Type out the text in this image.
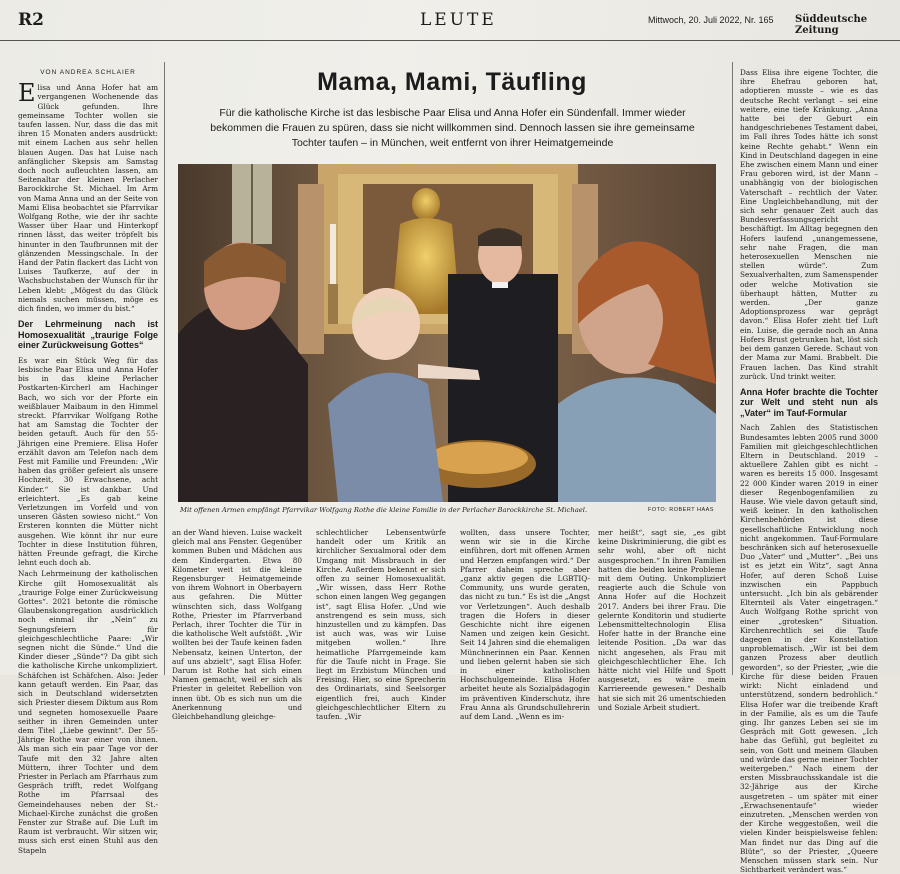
R2	LEUTE	Mittwoch, 20. Juli 2022, Nr. 165 Süddeutsche Zeitung
VON ANDREA SCHLAIER

Elisa und Anna Hofer hat am vergangenen Wochenende das Glück gefunden. Ihre gemeinsame Tochter wollen sie taufen lassen. Nur, dass die das mit ihren 15 Monaten anders ausdrückt: mit einem Lachen aus sehr hellen blauen Augen. Das hat Luise nach anfänglicher Skepsis am Samstag doch noch aufleuchten lassen, am Seitenaltar der kleinen Perlacher Barockkirche St. Michael. Im Arm von Mama Anna und an der Seite von Mami Elisa beobachtet sie Pfarrvikar Wolfgang Rothe, wie der ihr sachte Wasser über Haar und Hinterkopf rinnen lässt, das weiter tröpfelt bis hinunter in den Taufbrunnen mit der glänzenden Messingschale. In der Hand der Patin flackert das Licht von Luises Taufkerze, auf der in Wachsbuchstaben der Wunsch für ihr Leben klebt: „Mögest du das Glück niemals suchen müssen, möge es dich finden, wo immer du bist.“

Der Lehrmeinung nach ist Homosexualität „traurige Folge einer Zurückweisung Gottes“

Es war ein Stück Weg für das lesbische Paar Elisa und Anna Hofer bis in das kleine Perlacher Postkarten-Kircherl am Hachinger Bach, wo sich vor der Pforte ein weißblauer Maibaum in den Himmel streckt. Pfarrvikar Wolfgang Rothe hat am Samstag die Tochter der beiden getauft. Auch für den 55-Jährigen eine Premiere. Elisa Hofer erzählt davon am Telefon nach dem Fest mit Familie und Freunden: „Wir haben das größer gefeiert als unsere Hochzeit, 30 Erwachsene, acht Kinder.“ Sie ist dankbar. Und erleichtert. „Es gab keine Verletzungen im Vorfeld und von unseren Gästen sowieso nicht.“ Von Ersteren konnten die Mütter nicht ausgehen. Wie könnt ihr nur eure Tochter in diese Institution führen, hätten Freunde gefragt, die Kirche lehnt euch doch ab.

Nach Lehrmeinung der katholischen Kirche gilt Homosexualität als „traurige Folge einer Zurückweisung Gottes“. 2021 betonte die römische Glaubenskongregation ausdrücklich noch einmal ihr „Nein“ zu Segnungsfeiern für gleichgeschlechtliche Paare: „Wir segnen nicht die Sünde.“ Und die Kinder dieser „Sünde“? Da gibt sich die katholische Kirche unkompliziert. Schäfchen ist Schäfchen. Also: Jeder kann getauft werden. Ein Paar, das sich in Deutschland widersetzten sich Priester diesem Diktum aus Rom und segneten homosexuelle Paare seither in ihren Gemeinden unter dem Titel „Liebe gewinnt“. Der 55-Jährige Rothe war einer von ihnen. Als man sich ein paar Tage vor der Taufe mit den 32 Jahre alten Müttern, ihrer Tochter und dem Priester in Perlach am Pfarrhaus zum Gespräch trifft, redet Wolfgang Rothe im Pfarrsaal des Gemeindehauses neben der St.-Michael-Kirche zunächst die großen Fenster zur Straße auf. Die Luft im Raum ist verbraucht. Wir sitzen wir, muss sich erst einen Stuhl aus den Stapeln

Mama, Mami, Täufling
Für die katholische Kirche ist das lesbische Paar Elisa und Anna Hofer ein Sündenfall. Immer wieder bekommen die Frauen zu spüren, dass sie nicht willkommen sind. Dennoch lassen sie ihre gemeinsame Tochter taufen – in München, weit entfernt von ihrer Heimatgemeinde
Mit offenen Armen empfängt Pfarrvikar Wolfgang Rothe die kleine Familie in der Perlacher Barockkirche St. Michael.	FOTO: ROBERT HAAS

an der Wand hieven. Luise wackelt gleich mal ans Fenster. Gegenüber kommen Buben und Mädchen aus dem Kindergarten. Etwa 80 Kilometer weit ist die kleine Regensburger Heimatgemeinde von ihrem Wohnort in Oberbayern aus gefahren. Die Mütter wünschten sich, dass Wolfgang Rothe, Priester im Pfarrverband Perlach, ihrer Tochter die Tür in die katholische Welt aufstößt. „Wir wollten bei der Taufe keinen faden Nebensatz, keinen Unterton, der auf uns abzielt“, sagt Elisa Hofer. Darum ist Rothe hat sich einen Namen gemacht, weil er sich als Priester in geleitet Rebellion von innen übt. Ob es sich nun um die Anerkennung und Gleichbehandlung gleichge-

schlechtlicher Lebensentwürfe handelt oder um Kritik an kirchlicher Sexualmoral oder dem Umgang mit Missbrauch in der Kirche. Außerdem bekennt er sich offen zu seiner Homosexualität. „Wir wissen, dass Herr Rothe schon einen langen Weg gegangen ist“, sagt Elisa Hofer. „Und wie anstrengend es sein muss, sich hinzustellen und zu kämpfen. Das ist auch was, was wir Luise mitgeben wollen.“ Ihre heimatliche Pfarrgemeinde kam für die Taufe nicht in Frage. Sie liegt im Erzbistum München und Freising. Hier, so eine Sprecherin des Ordinariats, sind Seelsorger eigentlich frei, auch Kinder gleichgeschlechtlicher Eltern zu taufen. „Wir

wollten, dass unsere Tochter, wenn wir sie in die Kirche einführen, dort mit offenen Armen und Herzen empfangen wird.“ Der Pfarrer daheim spreche aber „ganz aktiv gegen die LGBTIQ-Community, uns wurde geraten, das nicht zu tun.“ Es ist die „Angst vor Verletzungen“. Auch deshalb tragen die Hofers in dieser Geschichte nicht ihre eigenen Namen und zeigen kein Gesicht. Seit 14 Jahren sind die ehemaligen Münchnerinnen ein Paar. Kennen und lieben gelernt haben sie sich in einer katholischen Hochschulgemeinde. Elisa Hofer arbeitet heute als Sozialpädagogin im präventiven Kinderschutz, ihre Frau Anna als Grundschullehrerin auf dem Land. „Wenn es im-

mer heißt“, sagt sie, „es gibt keine Diskriminierung, die gibt es sehr wohl, aber oft nicht ausgesprochen.“ In ihren Familien hatten die beiden keine Probleme mit dem Outing. Unkompliziert reagierte auch die Schule von Anna Hofer auf die Hochzeit 2017. Anders bei ihrer Frau. Die gelernte Konditorin und studierte Lebensmitteltechnologin Elisa Hofer hatte in der Branche eine leitende Position. „Da war das nicht angesehen, als Frau mit gleichgeschlechtlicher Ehe. Ich hätte nicht viel Hilfe und Spott ausgesetzt, es wäre mein Karriereende gewesen.“ Deshalb hat sie sich mit 26 umentschieden und Soziale Arbeit studiert.

Dass Elisa ihre eigene Tochter, die ihre Ehefrau geboren hat, adoptieren musste – wie es das deutsche Recht verlangt – sei eine weitere, eine tiefe Kränkung. „Anna hatte bei der Geburt ein handgeschriebenes Testament dabei, im Fall ihres Todes hätte ich sonst keine Rechte gehabt.“ Wenn ein Kind in Deutschland dagegen in eine Ehe zwischen einem Mann und einer Frau geboren wird, ist der Mann – unabhängig von der biologischen Vaterschaft – rechtlich der Vater. Eine Ungleichbehandlung, mit der sich sehr genauer Zeit auch das Bundesverfassungsgericht beschäftigt. Im Alltag begegnen den Hofers laufend „unangemessene, sehr nahe Fragen, die man heterosexuellen Menschen nie stellen würde“. Zum Sexualverhalten, zum Samenspender oder welche Motivation sie überhaupt hätten, Mutter zu werden. „Der ganze Adoptionsprozess war geprägt davon.“ Elisa Hofer zieht tief Luft ein. Luise, die gerade noch an Anna Hofers Brust getrunken hat, löst sich bei dem ganzen Gerede. Schaut von der Mama zur Mami. Brabbelt. Die Frauen lachen. Das Kind strahlt zurück. Und trinkt weiter.

Anna Hofer brachte die Tochter zur Welt und steht nun als „Vater“ im Tauf-Formular

Nach Zahlen des Statistischen Bundesamtes lebten 2005 rund 3000 Familien mit gleichgeschlechtlichen Eltern in Deutschland. 2019 – aktuellere Zahlen gibt es nicht – waren es bereits 15 000. Insgesamt 22 000 Kinder waren 2019 in einer dieser Regenbogenfamilien zu Hause. Wie viele davon getauft sind, weiß keiner. In den katholischen Kirchenbehörden ist diese gesellschaftliche Entwicklung noch nicht angekommen. Tauf-Formulare beschränken sich auf heterosexuelle Duo „Vater“ und „Mutter“. „Bei uns ist es jetzt ein Witz“, sagt Anna Hofer, auf deren Schoß Luise inzwischen ein Pappbuch untersucht. „Ich bin als gebärender Elternteil als Vater eingetragen.“ Auch Wolfgang Rothe spricht von einer „grotesken“ Situation. Kirchenrechtlich sei die Taufe dagegen in der Konstellation unproblematisch. „Wir ist bei dem ganzen Prozess aber deutlich geworden“, so der Priester, „wie die Kirche für diese beiden Frauen wirkt: Nicht einladend und unterstützend, sondern bedrohlich.“ Elisa Hofer war die treibende Kraft in der Familie, als es um die Taufe ging. Ihr ganzes Leben sei sie im Gespräch mit Gott gewesen. „Ich habe das Gefühl, gut begleitet zu sein, von Gott und meinem Glauben und würde das gerne meiner Tochter weitergeben.“ Nach einem der ersten Missbrauchsskandale ist die 32-Jährige aus der Kirche ausgetreten – um später mit einer „Erwachsenentaufe“ wieder einzutreten. „Menschen werden von der Kirche weggestoßen, weil die vielen Kinder beispielsweise fehlen: Man findet nur das Ding auf die Blüte“, so der Priester, „Queere Menschen müssen stark sein. Nur Sichtbarkeit verändert was.“
